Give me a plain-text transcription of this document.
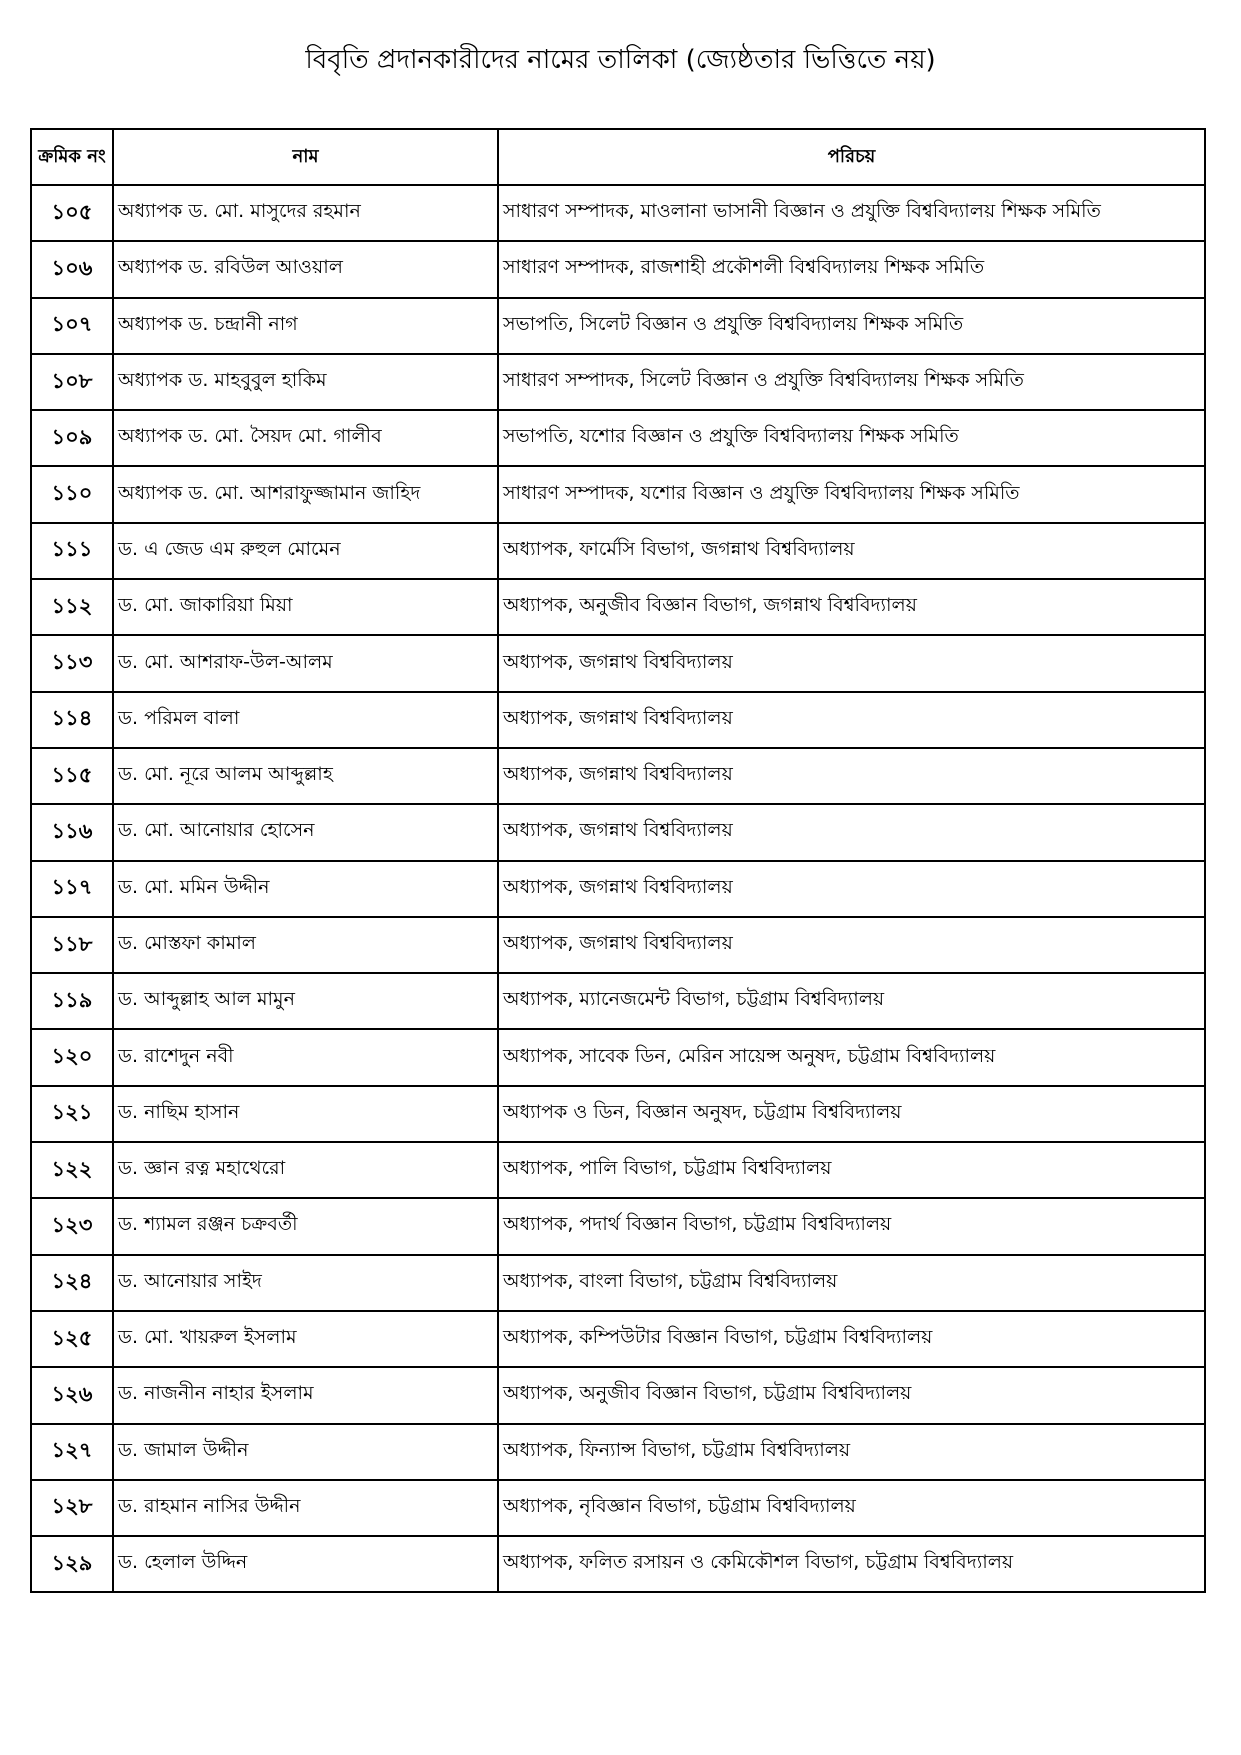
বিবৃতি প্রদানকারীদের নামের তালিকা (জ্যেষ্ঠতার ভিত্তিতে নয়)
ক্রমিক নং	নাম	পরিচয়
১০৫	অধ্যাপক ড. মো. মাসুদের রহমান	সাধারণ সম্পাদক, মাওলানা ভাসানী বিজ্ঞান ও প্রযুক্তি বিশ্ববিদ্যালয় শিক্ষক সমিতি
১০৬	অধ্যাপক ড. রবিউল আওয়াল	সাধারণ সম্পাদক, রাজশাহী প্রকৌশলী বিশ্ববিদ্যালয় শিক্ষক সমিতি
১০৭	অধ্যাপক ড. চন্দ্রানী নাগ	সভাপতি, সিলেট বিজ্ঞান ও প্রযুক্তি বিশ্ববিদ্যালয় শিক্ষক সমিতি
১০৮	অধ্যাপক ড. মাহবুবুল হাকিম	সাধারণ সম্পাদক, সিলেট বিজ্ঞান ও প্রযুক্তি বিশ্ববিদ্যালয় শিক্ষক সমিতি
১০৯	অধ্যাপক ড. মো. সৈয়দ মো. গালীব	সভাপতি, যশোর বিজ্ঞান ও প্রযুক্তি বিশ্ববিদ্যালয় শিক্ষক সমিতি
১১০	অধ্যাপক ড. মো. আশরাফুজ্জামান জাহিদ	সাধারণ সম্পাদক, যশোর বিজ্ঞান ও প্রযুক্তি বিশ্ববিদ্যালয় শিক্ষক সমিতি
১১১	ড. এ জেড এম রুহুল মোমেন	অধ্যাপক, ফার্মেসি বিভাগ, জগন্নাথ বিশ্ববিদ্যালয়
১১২	ড. মো. জাকারিয়া মিয়া	অধ্যাপক, অনুজীব বিজ্ঞান বিভাগ, জগন্নাথ বিশ্ববিদ্যালয়
১১৩	ড. মো. আশরাফ-উল-আলম	অধ্যাপক, জগন্নাথ বিশ্ববিদ্যালয়
১১৪	ড. পরিমল বালা	অধ্যাপক, জগন্নাথ বিশ্ববিদ্যালয়
১১৫	ড. মো. নূরে আলম আব্দুল্লাহ	অধ্যাপক, জগন্নাথ বিশ্ববিদ্যালয়
১১৬	ড. মো. আনোয়ার হোসেন	অধ্যাপক, জগন্নাথ বিশ্ববিদ্যালয়
১১৭	ড. মো. মমিন উদ্দীন	অধ্যাপক, জগন্নাথ বিশ্ববিদ্যালয়
১১৮	ড. মোস্তফা কামাল	অধ্যাপক, জগন্নাথ বিশ্ববিদ্যালয়
১১৯	ড. আব্দুল্লাহ আল মামুন	অধ্যাপক, ম্যানেজমেন্ট বিভাগ, চট্টগ্রাম বিশ্ববিদ্যালয়
১২০	ড. রাশেদুন নবী	অধ্যাপক, সাবেক ডিন, মেরিন সায়েন্স অনুষদ, চট্টগ্রাম বিশ্ববিদ্যালয়
১২১	ড. নাছিম হাসান	অধ্যাপক ও ডিন, বিজ্ঞান অনুষদ, চট্টগ্রাম বিশ্ববিদ্যালয়
১২২	ড. জ্ঞান রত্ন মহাথেরো	অধ্যাপক, পালি বিভাগ, চট্টগ্রাম বিশ্ববিদ্যালয়
১২৩	ড. শ্যামল রঞ্জন চক্রবর্তী	অধ্যাপক, পদার্থ বিজ্ঞান বিভাগ, চট্টগ্রাম বিশ্ববিদ্যালয়
১২৪	ড. আনোয়ার সাইদ	অধ্যাপক, বাংলা বিভাগ, চট্টগ্রাম বিশ্ববিদ্যালয়
১২৫	ড. মো. খায়রুল ইসলাম	অধ্যাপক, কম্পিউটার বিজ্ঞান বিভাগ, চট্টগ্রাম বিশ্ববিদ্যালয়
১২৬	ড. নাজনীন নাহার ইসলাম	অধ্যাপক, অনুজীব বিজ্ঞান বিভাগ, চট্টগ্রাম বিশ্ববিদ্যালয়
১২৭	ড. জামাল উদ্দীন	অধ্যাপক, ফিন্যান্স বিভাগ, চট্টগ্রাম বিশ্ববিদ্যালয়
১২৮	ড. রাহমান নাসির উদ্দীন	অধ্যাপক, নৃবিজ্ঞান বিভাগ, চট্টগ্রাম বিশ্ববিদ্যালয়
১২৯	ড. হেলাল উদ্দিন	অধ্যাপক, ফলিত রসায়ন ও কেমিকৌশল বিভাগ, চট্টগ্রাম বিশ্ববিদ্যালয়
